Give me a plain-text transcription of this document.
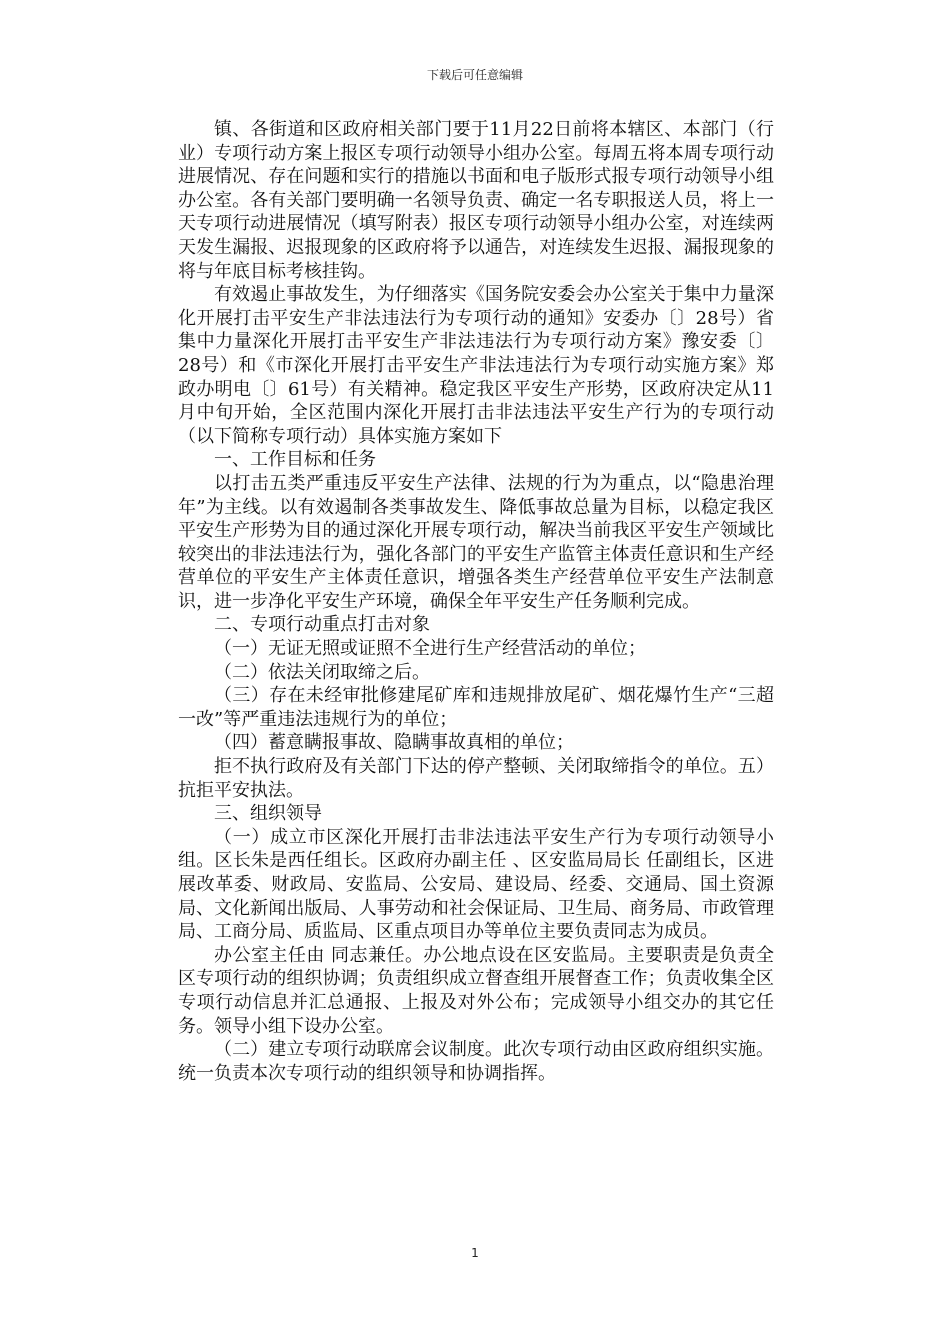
下载后可任意编辑

镇、各街道和区政府相关部门要于11月22日前将本辖区、本部门（行业）专项行动方案上报区专项行动领导小组办公室。每周五将本周专项行动进展情况、存在问题和实行的措施以书面和电子版形式报专项行动领导小组办公室。各有关部门要明确一名领导负责、确定一名专职报送人员，将上一天专项行动进展情况（填写附表）报区专项行动领导小组办公室，对连续两天发生漏报、迟报现象的区政府将予以通告，对连续发生迟报、漏报现象的将与年底目标考核挂钩。

有效遏止事故发生，为仔细落实《国务院安委会办公室关于集中力量深化开展打击平安生产非法违法行为专项行动的通知》安委办〔〕28号）省集中力量深化开展打击平安生产非法违法行为专项行动方案》豫安委〔〕28号）和《市深化开展打击平安生产非法违法行为专项行动实施方案》郑政办明电〔〕61号）有关精神。稳定我区平安生产形势，区政府决定从11月中旬开始，全区范围内深化开展打击非法违法平安生产行为的专项行动（以下简称专项行动）具体实施方案如下

一、工作目标和任务

以打击五类严重违反平安生产法律、法规的行为为重点，以“隐患治理年”为主线。以有效遏制各类事故发生、降低事故总量为目标，以稳定我区平安生产形势为目的通过深化开展专项行动，解决当前我区平安生产领域比较突出的非法违法行为，强化各部门的平安生产监管主体责任意识和生产经营单位的平安生产主体责任意识，增强各类生产经营单位平安生产法制意识，进一步净化平安生产环境，确保全年平安生产任务顺利完成。

二、专项行动重点打击对象

（一）无证无照或证照不全进行生产经营活动的单位；

（二）依法关闭取缔之后。

（三）存在未经审批修建尾矿库和违规排放尾矿、烟花爆竹生产“三超一改”等严重违法违规行为的单位；

（四）蓄意瞒报事故、隐瞒事故真相的单位；

拒不执行政府及有关部门下达的停产整顿、关闭取缔指令的单位。五）抗拒平安执法。

三、组织领导

（一）成立市区深化开展打击非法违法平安生产行为专项行动领导小组。区长朱是西任组长。区政府办副主任 、区安监局局长 任副组长，区进展改革委、财政局、安监局、公安局、建设局、经委、交通局、国土资源局、文化新闻出版局、人事劳动和社会保证局、卫生局、商务局、市政管理局、工商分局、质监局、区重点项目办等单位主要负责同志为成员。

办公室主任由 同志兼任。办公地点设在区安监局。主要职责是负责全区专项行动的组织协调；负责组织成立督查组开展督查工作；负责收集全区专项行动信息并汇总通报、上报及对外公布；完成领导小组交办的其它任务。领导小组下设办公室。

（二）建立专项行动联席会议制度。此次专项行动由区政府组织实施。统一负责本次专项行动的组织领导和协调指挥。

1
